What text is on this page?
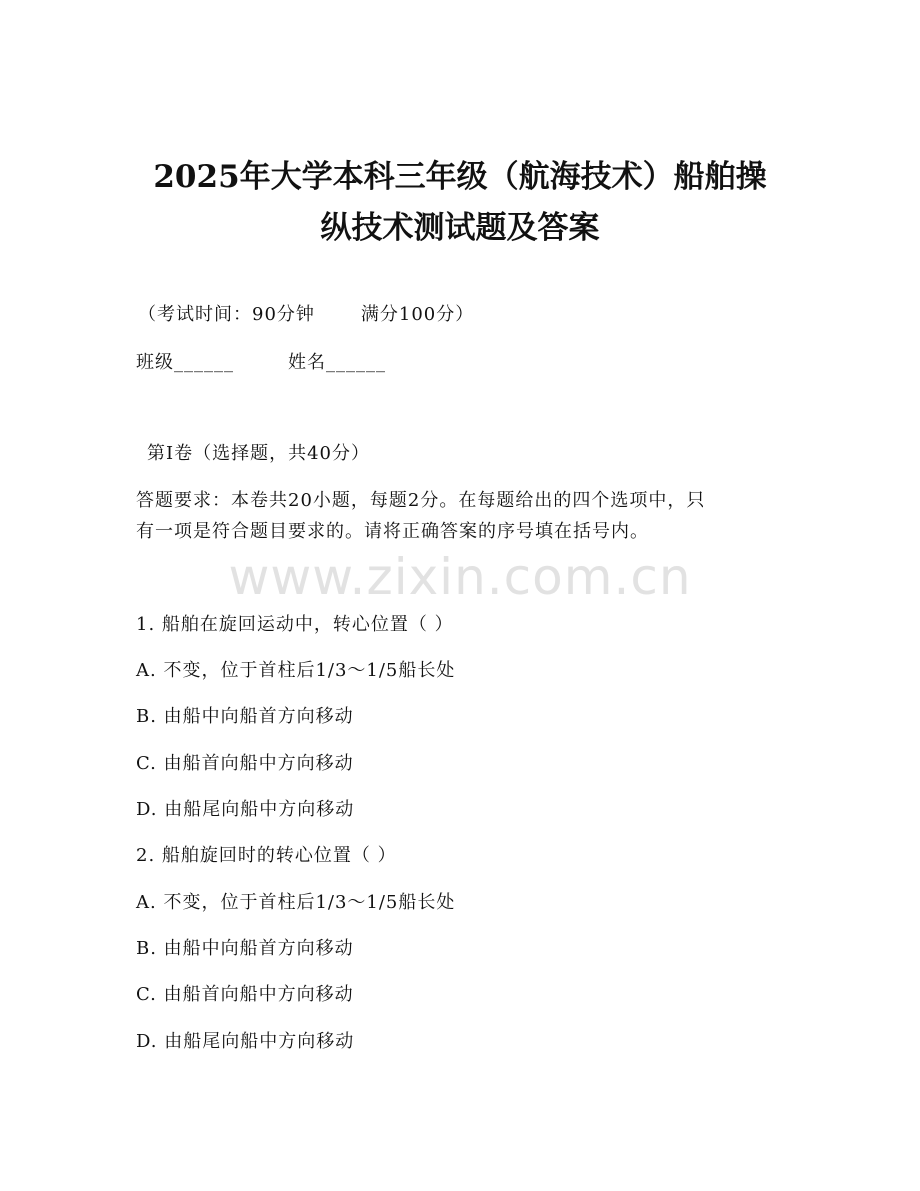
2025年大学本科三年级（航海技术）船舶操
纵技术测试题及答案
（考试时间：90分钟	满分100分）
班级______	姓名______
第I卷（选择题，共40分）
答题要求：本卷共20小题，每题2分。在每题给出的四个选项中，只
有一项是符合题目要求的。请将正确答案的序号填在括号内。
www.zixin.com.cn
1. 船舶在旋回运动中，转心位置（ ）
A. 不变，位于首柱后1/3～1/5船长处
B. 由船中向船首方向移动
C. 由船首向船中方向移动
D. 由船尾向船中方向移动
2. 船舶旋回时的转心位置（ ）
A. 不变，位于首柱后1/3～1/5船长处
B. 由船中向船首方向移动
C. 由船首向船中方向移动
D. 由船尾向船中方向移动
